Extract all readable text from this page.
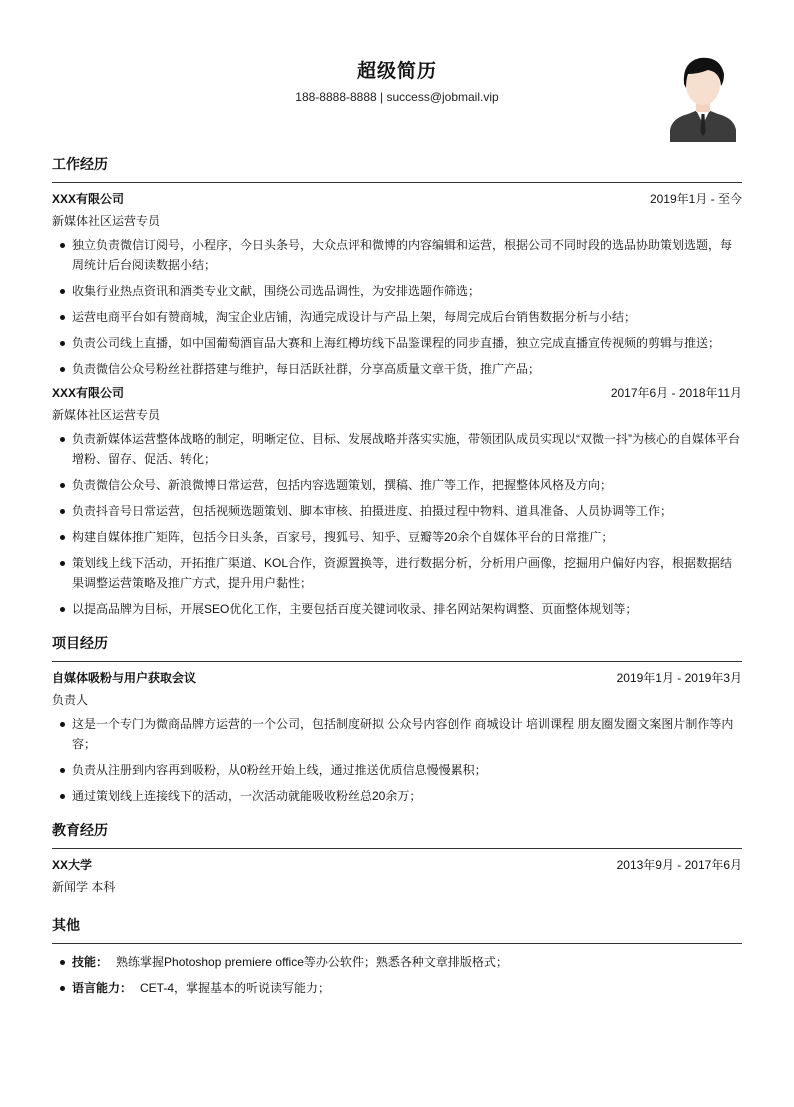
超级简历
188-8888-8888 | success@jobmail.vip
工作经历
XXX有限公司	2019年1月 - 至今
新媒体社区运营专员
独立负责微信订阅号，小程序，今日头条号，大众点评和微博的内容编辑和运营，根据公司不同时段的选品协助策划选题，每周统计后台阅读数据小结；
收集行业热点资讯和酒类专业文献，围绕公司选品调性，为安排选题作筛选；
运营电商平台如有赞商城，淘宝企业店铺，沟通完成设计与产品上架，每周完成后台销售数据分析与小结；
负责公司线上直播，如中国葡萄酒盲品大赛和上海红樽坊线下品鉴课程的同步直播，独立完成直播宣传视频的剪辑与推送；
负责微信公众号粉丝社群搭建与维护，每日活跃社群，分享高质量文章干货，推广产品；
XXX有限公司	2017年6月 - 2018年11月
新媒体社区运营专员
负责新媒体运营整体战略的制定，明晰定位、目标、发展战略并落实实施，带领团队成员实现以“双微一抖”为核心的自媒体平台增粉、留存、促活、转化；
负责微信公众号、新浪微博日常运营，包括内容选题策划，撰稿、推广等工作，把握整体风格及方向；
负责抖音号日常运营，包括视频选题策划、脚本审核、拍摄进度、拍摄过程中物料、道具准备、人员协调等工作；
构建自媒体推广矩阵，包括今日头条，百家号，搜狐号、知乎、豆瓣等20余个自媒体平台的日常推广；
策划线上线下活动，开拓推广渠道、KOL合作，资源置换等，进行数据分析，分析用户画像，挖掘用户偏好内容，根据数据结果调整运营策略及推广方式，提升用户黏性；
以提高品牌为目标，开展SEO优化工作，主要包括百度关键词收录、排名网站架构调整、页面整体规划等；
项目经历
自媒体吸粉与用户获取会议	2019年1月 - 2019年3月
负责人
这是一个专门为微商品牌方运营的一个公司，包括制度研拟 公众号内容创作 商城设计 培训课程 朋友圈发圈文案图片制作等内容；
负责从注册到内容再到吸粉，从0粉丝开始上线，通过推送优质信息慢慢累积；
通过策划线上连接线下的活动，一次活动就能吸收粉丝总20余万；
教育经历
XX大学	2013年9月 - 2017年6月
新闻学 本科
其他
技能： 熟练掌握Photoshop premiere office等办公软件；熟悉各种文章排版格式；
语言能力： CET-4，掌握基本的听说读写能力；
